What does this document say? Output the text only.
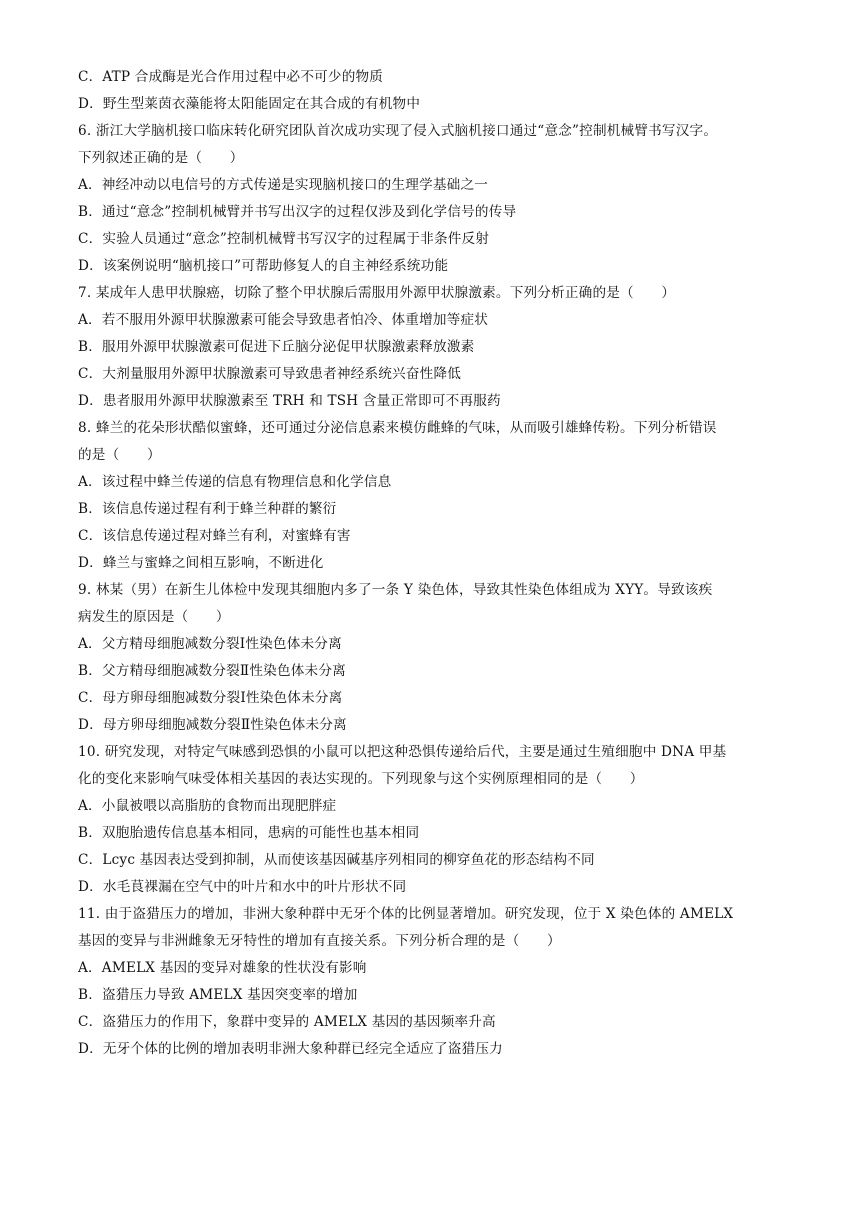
C．ATP 合成酶是光合作用过程中必不可少的物质
D．野生型莱茵衣藻能将太阳能固定在其合成的有机物中
6. 浙江大学脑机接口临床转化研究团队首次成功实现了侵入式脑机接口通过“意念”控制机械臂书写汉字。
下列叙述正确的是（　　）
A．神经冲动以电信号的方式传递是实现脑机接口的生理学基础之一
B．通过“意念”控制机械臂并书写出汉字的过程仅涉及到化学信号的传导
C．实验人员通过“意念”控制机械臂书写汉字的过程属于非条件反射
D．该案例说明“脑机接口”可帮助修复人的自主神经系统功能
7. 某成年人患甲状腺癌，切除了整个甲状腺后需服用外源甲状腺激素。下列分析正确的是（　　）
A．若不服用外源甲状腺激素可能会导致患者怕冷、体重增加等症状
B．服用外源甲状腺激素可促进下丘脑分泌促甲状腺激素释放激素
C．大剂量服用外源甲状腺激素可导致患者神经系统兴奋性降低
D．患者服用外源甲状腺激素至 TRH 和 TSH 含量正常即可不再服药
8. 蜂兰的花朵形状酷似蜜蜂，还可通过分泌信息素来模仿雌蜂的气味，从而吸引雄蜂传粉。下列分析错误
的是（　　）
A．该过程中蜂兰传递的信息有物理信息和化学信息
B．该信息传递过程有利于蜂兰种群的繁衍
C．该信息传递过程对蜂兰有利，对蜜蜂有害
D．蜂兰与蜜蜂之间相互影响，不断进化
9. 林某（男）在新生儿体检中发现其细胞内多了一条 Y 染色体，导致其性染色体组成为 XYY。导致该疾
病发生的原因是（　　）
A．父方精母细胞减数分裂Ⅰ性染色体未分离
B．父方精母细胞减数分裂Ⅱ性染色体未分离
C．母方卵母细胞减数分裂Ⅰ性染色体未分离
D．母方卵母细胞减数分裂Ⅱ性染色体未分离
10. 研究发现，对特定气味感到恐惧的小鼠可以把这种恐惧传递给后代，主要是通过生殖细胞中 DNA 甲基
化的变化来影响气味受体相关基因的表达实现的。下列现象与这个实例原理相同的是（　　）
A．小鼠被喂以高脂肪的食物而出现肥胖症
B．双胞胎遗传信息基本相同，患病的可能性也基本相同
C．Lcyc 基因表达受到抑制，从而使该基因碱基序列相同的柳穿鱼花的形态结构不同
D．水毛茛裸漏在空气中的叶片和水中的叶片形状不同
11. 由于盗猎压力的增加，非洲大象种群中无牙个体的比例显著增加。研究发现，位于 X 染色体的 AMELX
基因的变异与非洲雌象无牙特性的增加有直接关系。下列分析合理的是（　　）
A．AMELX 基因的变异对雄象的性状没有影响
B．盗猎压力导致 AMELX 基因突变率的增加
C．盗猎压力的作用下，象群中变异的 AMELX 基因的基因频率升高
D．无牙个体的比例的增加表明非洲大象种群已经完全适应了盗猎压力
